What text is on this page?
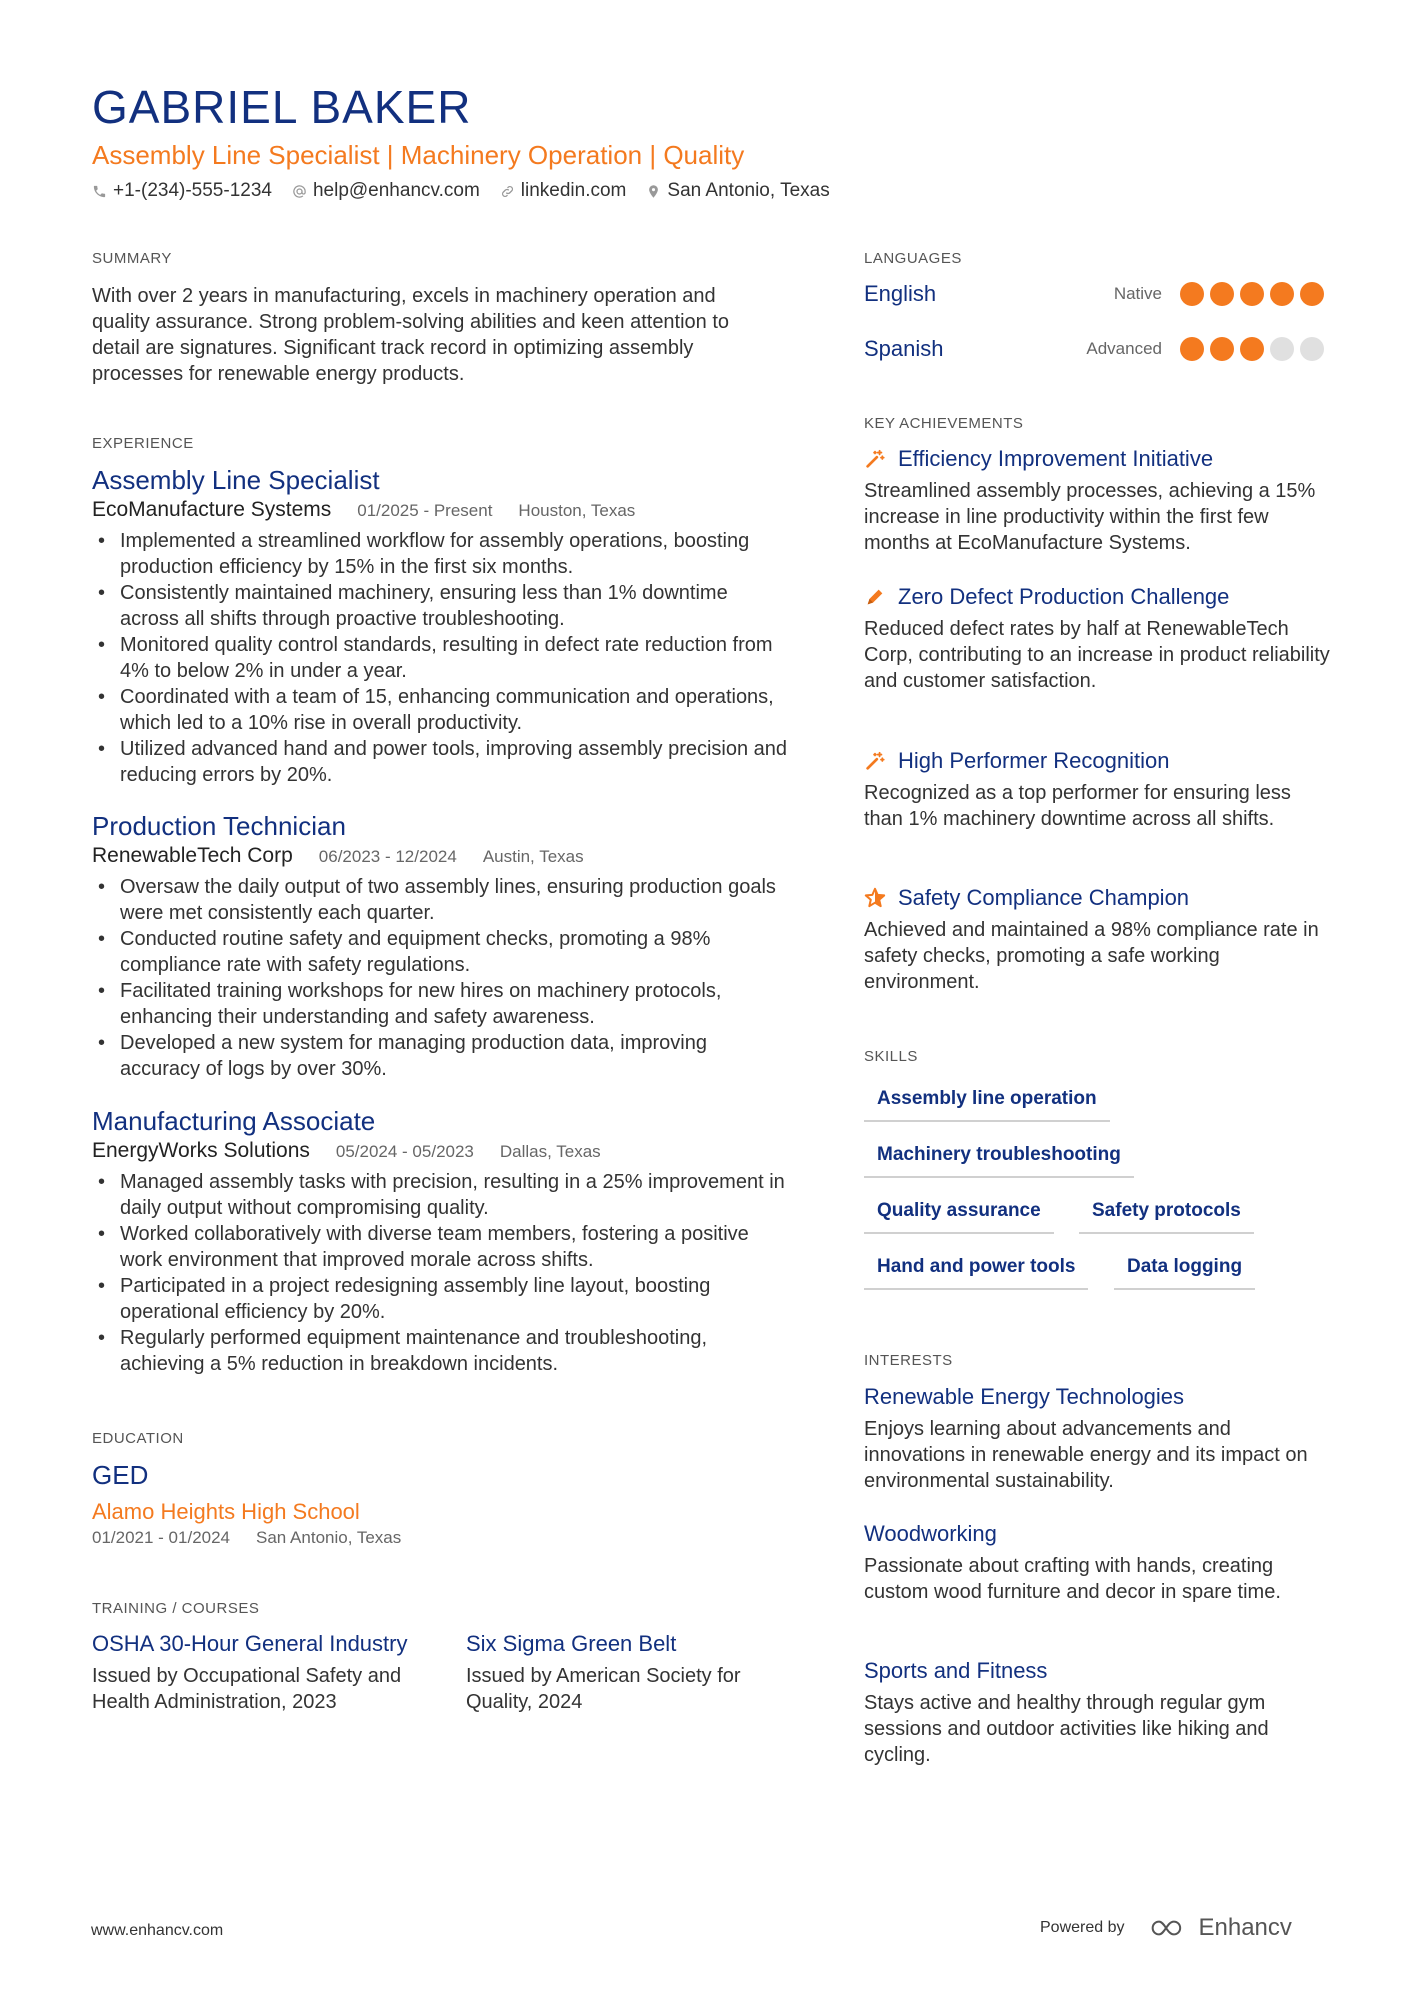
GABRIEL BAKER
Assembly Line Specialist | Machinery Operation | Quality
+1-(234)-555-1234 help@enhancv.com linkedin.com San Antonio, Texas
SUMMARY
With over 2 years in manufacturing, excels in machinery operation and quality assurance. Strong problem-solving abilities and keen attention to detail are signatures. Significant track record in optimizing assembly processes for renewable energy products.
EXPERIENCE
Assembly Line Specialist
EcoManufacture Systems 01/2025 - Present Houston, Texas
• Implemented a streamlined workflow for assembly operations, boosting production efficiency by 15% in the first six months.
• Consistently maintained machinery, ensuring less than 1% downtime across all shifts through proactive troubleshooting.
• Monitored quality control standards, resulting in defect rate reduction from 4% to below 2% in under a year.
• Coordinated with a team of 15, enhancing communication and operations, which led to a 10% rise in overall productivity.
• Utilized advanced hand and power tools, improving assembly precision and reducing errors by 20%.
Production Technician
RenewableTech Corp 06/2023 - 12/2024 Austin, Texas
• Oversaw the daily output of two assembly lines, ensuring production goals were met consistently each quarter.
• Conducted routine safety and equipment checks, promoting a 98% compliance rate with safety regulations.
• Facilitated training workshops for new hires on machinery protocols, enhancing their understanding and safety awareness.
• Developed a new system for managing production data, improving accuracy of logs by over 30%.
Manufacturing Associate
EnergyWorks Solutions 05/2024 - 05/2023 Dallas, Texas
• Managed assembly tasks with precision, resulting in a 25% improvement in daily output without compromising quality.
• Worked collaboratively with diverse team members, fostering a positive work environment that improved morale across shifts.
• Participated in a project redesigning assembly line layout, boosting operational efficiency by 20%.
• Regularly performed equipment maintenance and troubleshooting, achieving a 5% reduction in breakdown incidents.
EDUCATION
GED
Alamo Heights High School
01/2021 - 01/2024 San Antonio, Texas
TRAINING / COURSES
OSHA 30-Hour General Industry
Issued by Occupational Safety and Health Administration, 2023
Six Sigma Green Belt
Issued by American Society for Quality, 2024
LANGUAGES
English	Native
Spanish	Advanced
KEY ACHIEVEMENTS
Efficiency Improvement Initiative
Streamlined assembly processes, achieving a 15% increase in line productivity within the first few months at EcoManufacture Systems.
Zero Defect Production Challenge
Reduced defect rates by half at RenewableTech Corp, contributing to an increase in product reliability and customer satisfaction.
High Performer Recognition
Recognized as a top performer for ensuring less than 1% machinery downtime across all shifts.
Safety Compliance Champion
Achieved and maintained a 98% compliance rate in safety checks, promoting a safe working environment.
SKILLS
Assembly line operation
Machinery troubleshooting
Quality assurance	Safety protocols
Hand and power tools	Data logging
INTERESTS
Renewable Energy Technologies
Enjoys learning about advancements and innovations in renewable energy and its impact on environmental sustainability.
Woodworking
Passionate about crafting with hands, creating custom wood furniture and decor in spare time.
Sports and Fitness
Stays active and healthy through regular gym sessions and outdoor activities like hiking and cycling.
www.enhancv.com	Powered by	Enhancv
